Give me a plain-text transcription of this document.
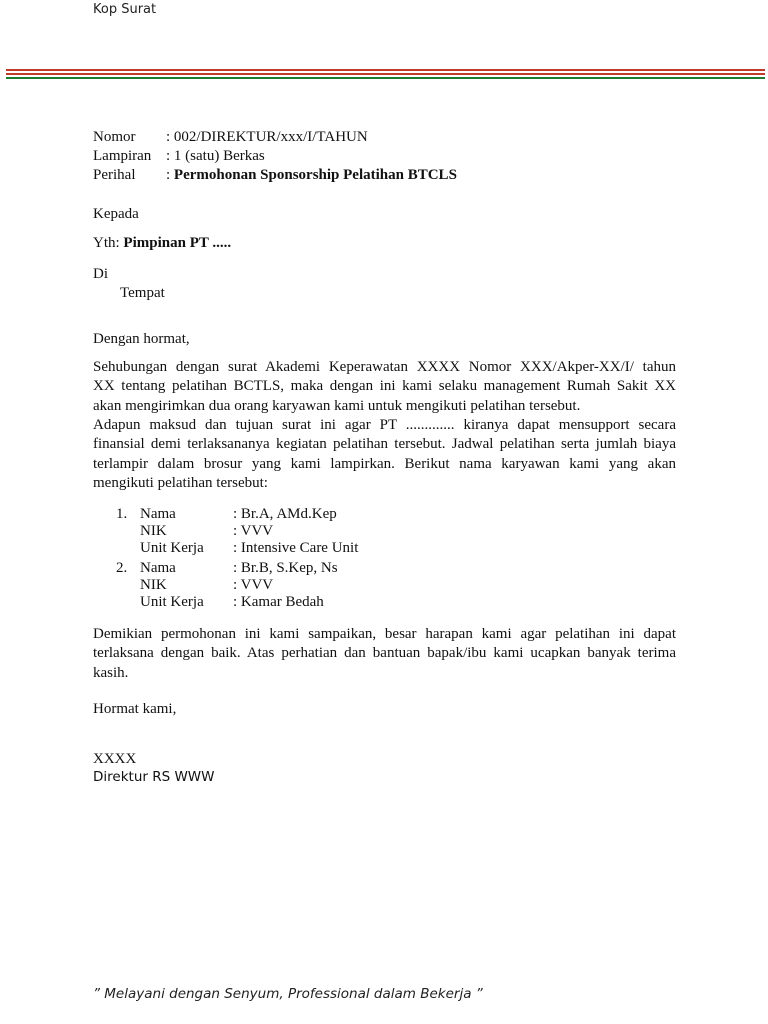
Kop Surat
Nomor : 002/DIREKTUR/xxx/I/TAHUN
Lampiran : 1 (satu) Berkas
Perihal : Permohonan Sponsorship Pelatihan BTCLS
Kepada
Yth: Pimpinan PT .....
Di
Tempat
Dengan hormat,
Sehubungan dengan surat Akademi Keperawatan XXXX Nomor XXX/Akper-XX/I/ tahun
XX tentang pelatihan BCTLS, maka dengan ini kami selaku management Rumah Sakit XX
akan mengirimkan dua orang karyawan kami untuk mengikuti pelatihan tersebut.
Adapun maksud dan tujuan surat ini agar PT ............. kiranya dapat mensupport secara
finansial demi terlaksananya kegiatan pelatihan tersebut. Jadwal pelatihan serta jumlah biaya
terlampir dalam brosur yang kami lampirkan. Berikut nama karyawan kami yang akan
mengikuti pelatihan tersebut:
1. Nama	: Br.A, AMd.Kep
NIK	: VVV
Unit Kerja : Intensive Care Unit
2. Nama	: Br.B, S.Kep, Ns
NIK	: VVV
Unit Kerja : Kamar Bedah
Demikian permohonan ini kami sampaikan, besar harapan kami agar pelatihan ini dapat
terlaksana dengan baik. Atas perhatian dan bantuan bapak/ibu kami ucapkan banyak terima
kasih.
Hormat kami,
XXXX
Direktur RS WWW
” Melayani dengan Senyum, Professional dalam Bekerja ”
